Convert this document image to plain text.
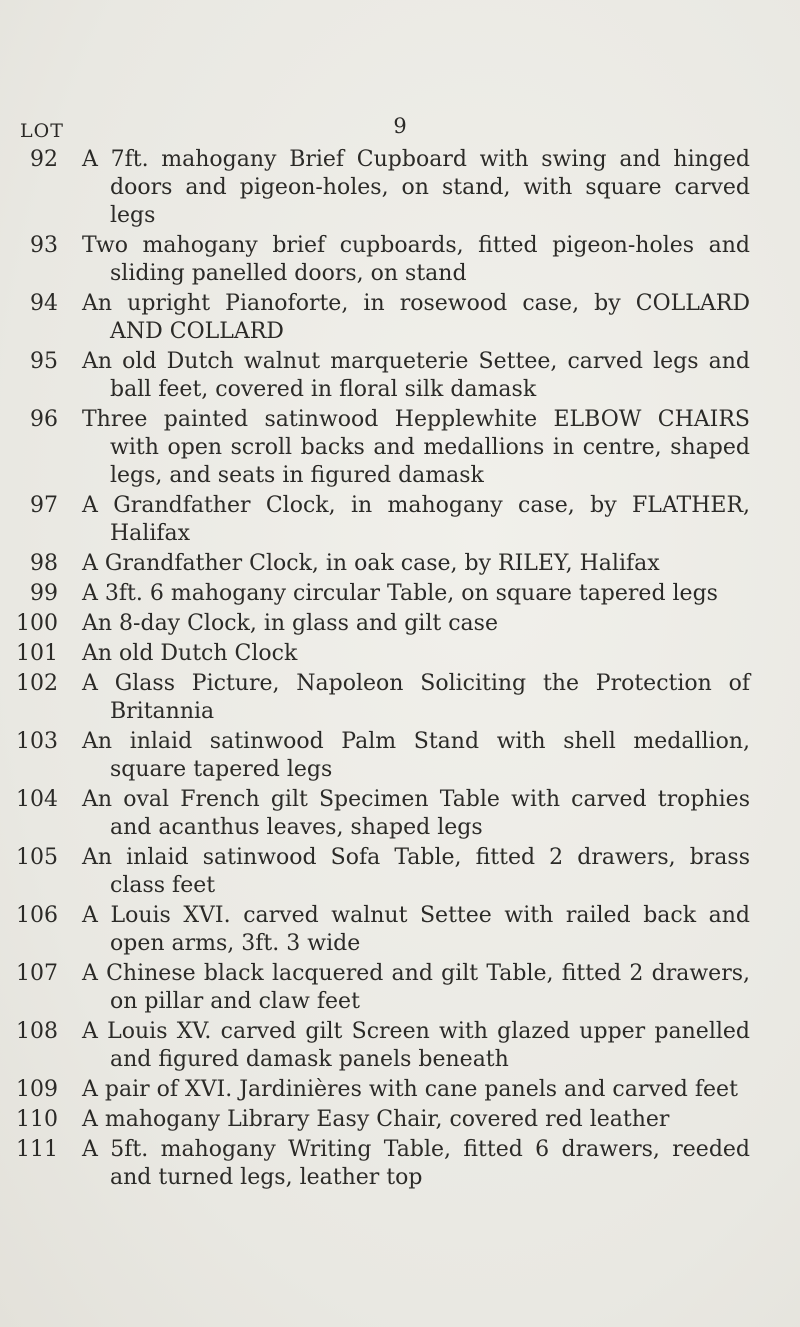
LOT	9
92	A 7ft. mahogany Brief Cupboard with swing and hinged doors and pigeon-holes, on stand, with square carved legs
93	Two mahogany brief cupboards, fitted pigeon-holes and sliding panelled doors, on stand
94	An upright Pianoforte, in rosewood case, by COLLARD AND COLLARD
95	An old Dutch walnut marqueterie Settee, carved legs and ball feet, covered in floral silk damask
96	Three painted satinwood Hepplewhite ELBOW CHAIRS with open scroll backs and medallions in centre, shaped legs, and seats in figured damask
97	A Grandfather Clock, in mahogany case, by FLATHER, Halifax
98	A Grandfather Clock, in oak case, by RILEY, Halifax
99	A 3ft. 6 mahogany circular Table, on square tapered legs
100	An 8-day Clock, in glass and gilt case
101	An old Dutch Clock
102	A Glass Picture, Napoleon Soliciting the Protection of Britannia
103	An inlaid satinwood Palm Stand with shell medallion, square tapered legs
104	An oval French gilt Specimen Table with carved trophies and acanthus leaves, shaped legs
105	An inlaid satinwood Sofa Table, fitted 2 drawers, brass class feet
106	A Louis XVI. carved walnut Settee with railed back and open arms, 3ft. 3 wide
107	A Chinese black lacquered and gilt Table, fitted 2 drawers, on pillar and claw feet
108	A Louis XV. carved gilt Screen with glazed upper panelled and figured damask panels beneath
109	A pair of XVI. Jardinières with cane panels and carved feet
110	A mahogany Library Easy Chair, covered red leather
111	A 5ft. mahogany Writing Table, fitted 6 drawers, reeded and turned legs, leather top
